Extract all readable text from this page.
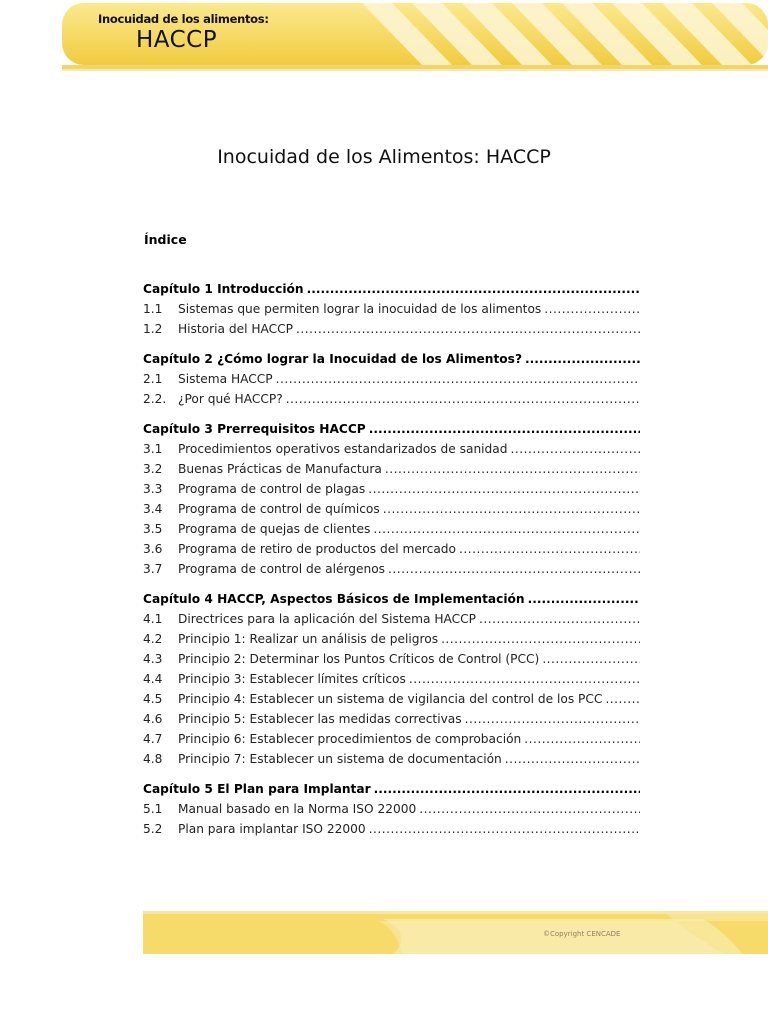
Inocuidad de los alimentos:
HACCP
Inocuidad de los Alimentos: HACCP
Índice
Capítulo 1 Introducción
.....
1.1	Sistemas que permiten lograr la inocuidad de los alimentos
.....
1.2	Historia del HACCP
.....
Capítulo 2 ¿Cómo lograr la Inocuidad de los Alimentos?
.....
2.1	Sistema HACCP
.....
2.2. ¿Por qué HACCP?
.....
Capítulo 3 Prerrequisitos HACCP
.....
3.1	Procedimientos operativos estandarizados de sanidad
.....
3.2	Buenas Prácticas de Manufactura
.....
3.3	Programa de control de plagas
.....
3.4	Programa de control de químicos
.....
3.5	Programa de quejas de clientes
.....
3.6	Programa de retiro de productos del mercado
.....
3.7	Programa de control de alérgenos
.....
Capítulo 4 HACCP, Aspectos Básicos de Implementación
.....
4.1	Directrices para la aplicación del Sistema HACCP
.....
4.2	Principio 1: Realizar un análisis de peligros
.....
4.3	Principio 2: Determinar los Puntos Críticos de Control (PCC)
.....
4.4	Principio 3: Establecer límites críticos
.....
4.5	Principio 4: Establecer un sistema de vigilancia del control de los PCC
.....
4.6	Principio 5: Establecer las medidas correctivas
.....
4.7	Principio 6: Establecer procedimientos de comprobación
.....
4.8	Principio 7: Establecer un sistema de documentación
.....
Capítulo 5 El Plan para Implantar
.....
5.1	Manual basado en la Norma ISO 22000
.....
5.2	Plan para implantar ISO 22000
.....
©Copyright CENCADE
